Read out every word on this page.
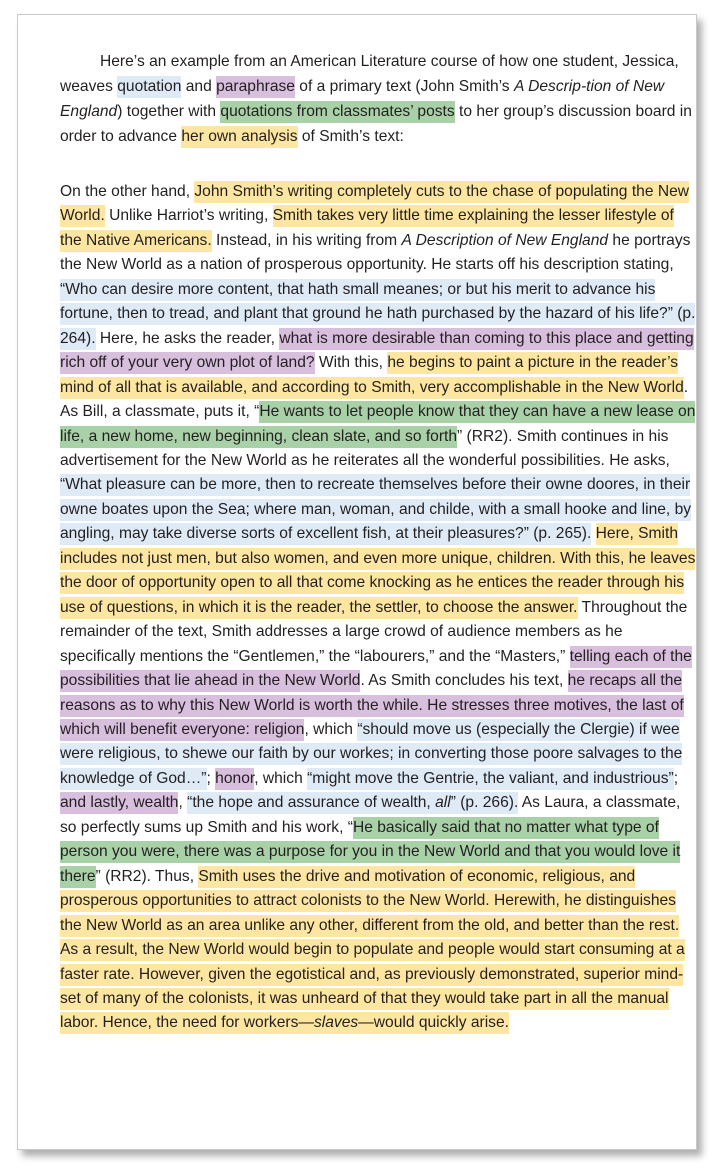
Here’s an example from an American Literature course of how one student, Jessica, weaves quotation and paraphrase of a primary text (John Smith’s A Descrip-tion of New England) together with quotations from classmates’ posts to her group’s discussion board in order to advance her own analysis of Smith’s text:

On the other hand, John Smith’s writing completely cuts to the chase of populating the New World. Unlike Harriot’s writing, Smith takes very little time explaining the lesser lifestyle of the Native Americans. Instead, in his writing from A Description of New England he portrays the New World as a nation of prosperous opportunity. He starts off his description stating, “Who can desire more content, that hath small meanes; or but his merit to advance his fortune, then to tread, and plant that ground he hath purchased by the hazard of his life?” (p. 264). Here, he asks the reader, what is more desirable than coming to this place and getting rich off of your very own plot of land? With this, he begins to paint a picture in the reader’s mind of all that is available, and according to Smith, very accomplishable in the New World. As Bill, a classmate, puts it, “He wants to let people know that they can have a new lease on life, a new home, new beginning, clean slate, and so forth” (RR2). Smith continues in his advertisement for the New World as he reiterates all the wonderful possibilities. He asks, “What pleasure can be more, then to recreate themselves before their owne doores, in their owne boates upon the Sea; where man, woman, and childe, with a small hooke and line, by angling, may take diverse sorts of excellent fish, at their pleasures?” (p. 265). Here, Smith includes not just men, but also women, and even more unique, children. With this, he leaves the door of opportunity open to all that come knocking as he entices the reader through his use of questions, in which it is the reader, the settler, to choose the answer. Throughout the remainder of the text, Smith addresses a large crowd of audience members as he specifically mentions the “Gentlemen,” the “labourers,” and the “Masters,” telling each of the possibilities that lie ahead in the New World. As Smith concludes his text, he recaps all the reasons as to why this New World is worth the while. He stresses three motives, the last of which will benefit everyone: religion, which “should move us (especially the Clergie) if wee were religious, to shewe our faith by our workes; in converting those poore salvages to the knowledge of God…”; honor, which “might move the Gentrie, the valiant, and industrious”; and lastly, wealth, “the hope and assurance of wealth, all” (p. 266). As Laura, a classmate, so perfectly sums up Smith and his work, “He basically said that no matter what type of person you were, there was a purpose for you in the New World and that you would love it there” (RR2). Thus, Smith uses the drive and motivation of economic, religious, and prosperous opportunities to attract colonists to the New World. Herewith, he distinguishes the New World as an area unlike any other, different from the old, and better than the rest. As a result, the New World would begin to populate and people would start consuming at a faster rate. However, given the egotistical and, as previously demonstrated, superior mind-set of many of the colonists, it was unheard of that they would take part in all the manual labor. Hence, the need for workers—slaves—would quickly arise.
